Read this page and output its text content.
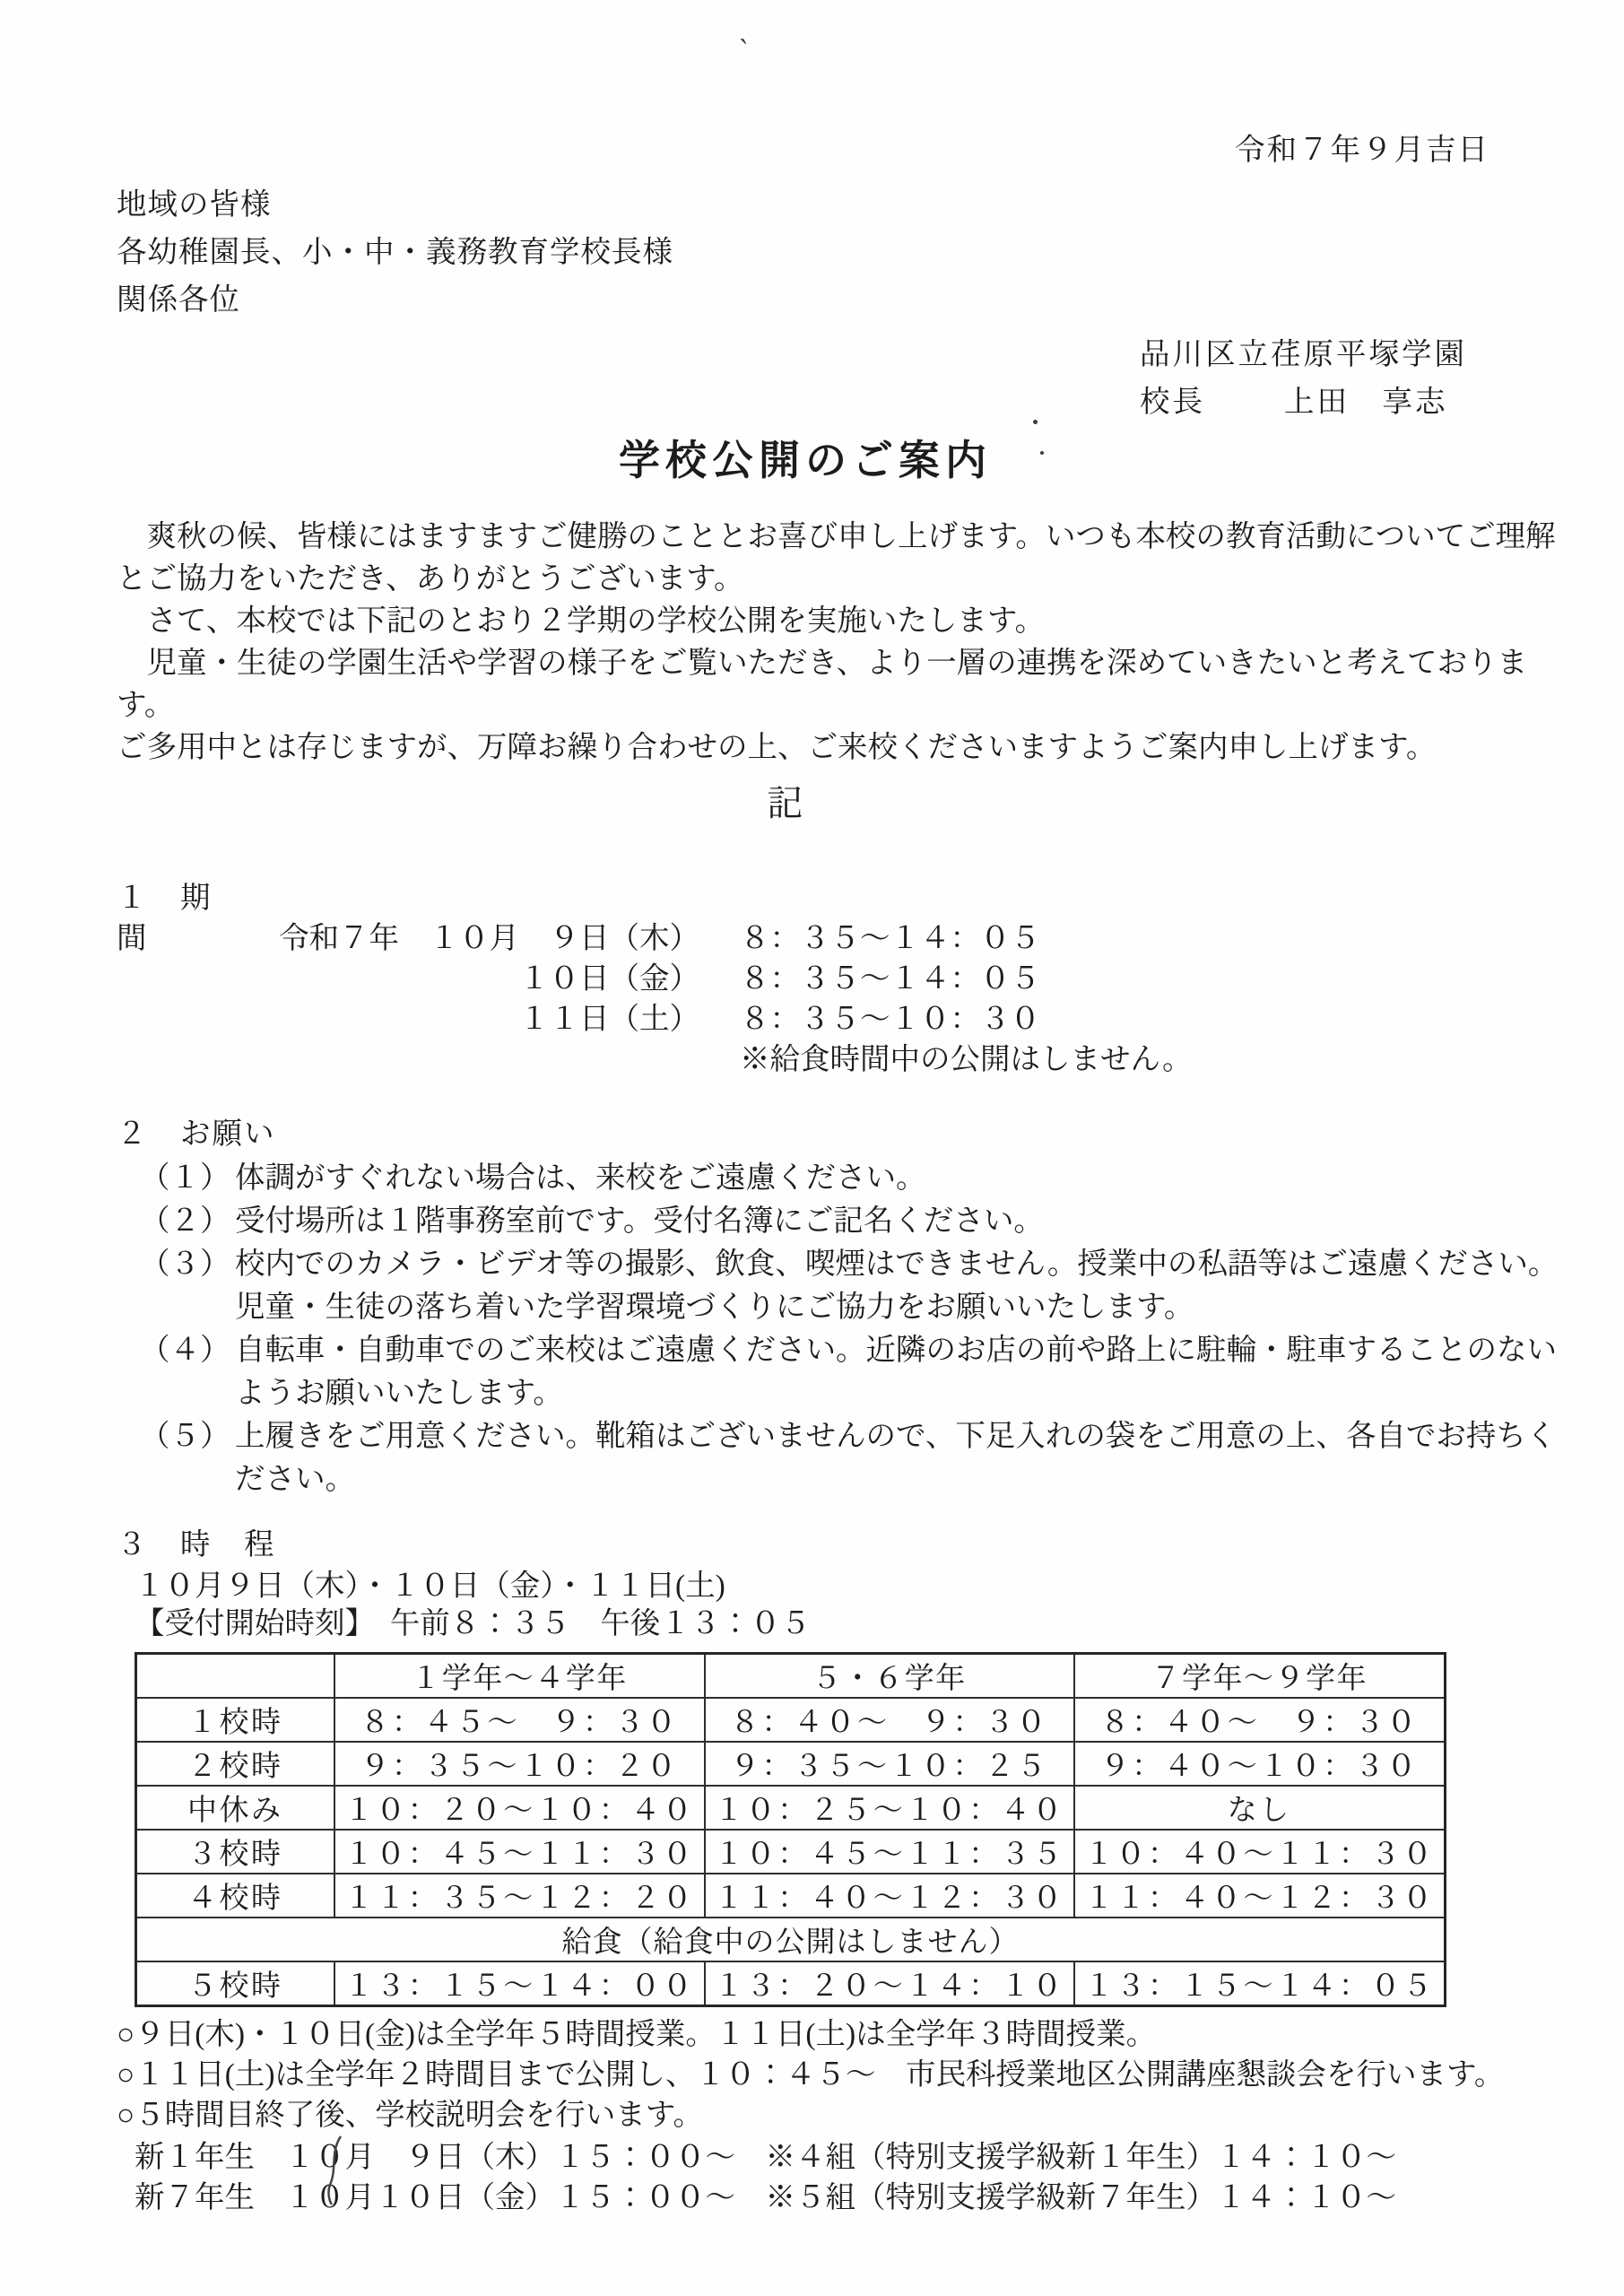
`
令和７年９月吉日
地域の皆様
各幼稚園長、小・中・義務教育学校長様
関係各位
品川区立荏原平塚学園
校長	上田　享志
学校公開のご案内
　爽秋の候、皆様にはますますご健勝のこととお喜び申し上げます。いつも本校の教育活動についてご理解
とご協力をいただき、ありがとうございます。
　さて、本校では下記のとおり２学期の学校公開を実施いたします。
　児童・生徒の学園生活や学習の様子をご覧いただき、より一層の連携を深めていきたいと考えております。
ご多用中とは存じますが、万障お繰り合わせの上、ご来校くださいますようご案内申し上げます。
記
１　期　間	令和７年　１０月　９日（木） ８：３５～１４：０５
１０日（金） ８：３５～１４：０５
１１日（土） ８：３５～１０：３０
※給食時間中の公開はしません。
２　お願い
（１） 体調がすぐれない場合は、来校をご遠慮ください。
（２） 受付場所は１階事務室前です。受付名簿にご記名ください。
（３） 校内でのカメラ・ビデオ等の撮影、飲食、喫煙はできません。授業中の私語等はご遠慮ください。児童・生徒の落ち着いた学習環境づくりにご協力をお願いいたします。
（４） 自転車・自動車でのご来校はご遠慮ください。近隣のお店の前や路上に駐輪・駐車することのないようお願いいたします。
（５） 上履きをご用意ください。靴箱はございませんので、下足入れの袋をご用意の上、各自でお持ちください。
３　時　程
１０月９日（木）・１０日（金）・１１日(土)
【受付開始時刻】　午前８：３５　午後１３：０５
	１学年～４学年	５・６学年	７学年～９学年
１校時	８：４５～　９：３０	８：４０～　９：３０	８：４０～　９：３０
２校時	９：３５～１０：２０	９：３５～１０：２５	９：４０～１０：３０
中休み	１０：２０～１０：４０	１０：２５～１０：４０	なし
３校時	１０：４５～１１：３０	１０：４５～１１：３５	１０：４０～１１：３０
４校時	１１：３５～１２：２０	１１：４０～１２：３０	１１：４０～１２：３０
給食（給食中の公開はしません）			
５校時	１３：１５～１４：００	１３：２０～１４：１０	１３：１５～１４：０５
○９日(木)・１０日(金)は全学年５時間授業。１１日(土)は全学年３時間授業。
○１１日(土)は全学年２時間目まで公開し、１０：４５～　市民科授業地区公開講座懇談会を行います。
○５時間目終了後、学校説明会を行います。
新１年生　１０月　９日（木）１５：００～　※４組（特別支援学級新１年生）１４：１０～
新７年生　１０月１０日（金）１５：００～　※５組（特別支援学級新７年生）１４：１０～
